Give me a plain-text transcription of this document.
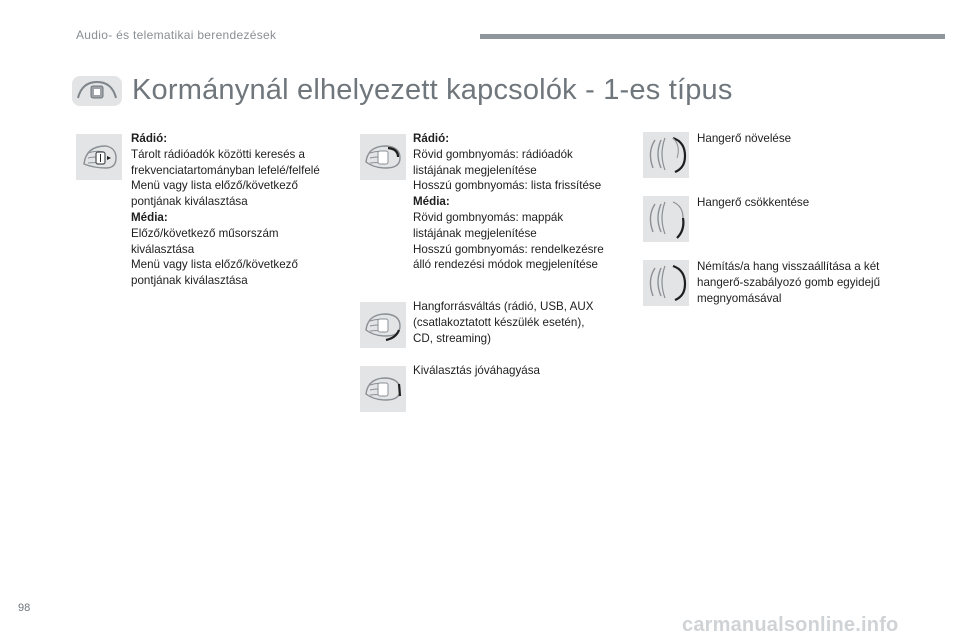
Audio- és telematikai berendezések
Kormánynál elhelyezett kapcsolók - 1-es típus
Rádió:
Tárolt rádióadók közötti keresés a
frekvenciatartományban lefelé/felfelé
Menü vagy lista előző/következő
pontjának kiválasztása
Média:
Előző/következő műsorszám
kiválasztása
Menü vagy lista előző/következő
pontjának kiválasztása
Rádió:
Rövid gombnyomás: rádióadók
listájának megjelenítése
Hosszú gombnyomás: lista frissítése
Média:
Rövid gombnyomás: mappák
listájának megjelenítése
Hosszú gombnyomás: rendelkezésre
álló rendezési módok megjelenítése
Hangforrásváltás (rádió, USB, AUX
(csatlakoztatott készülék esetén),
CD, streaming)
Kiválasztás jóváhagyása
Hangerő növelése
Hangerő csökkentése
Némítás/a hang visszaállítása a két
hangerő-szabályozó gomb egyidejű
megnyomásával
98
carmanualsonline.info
